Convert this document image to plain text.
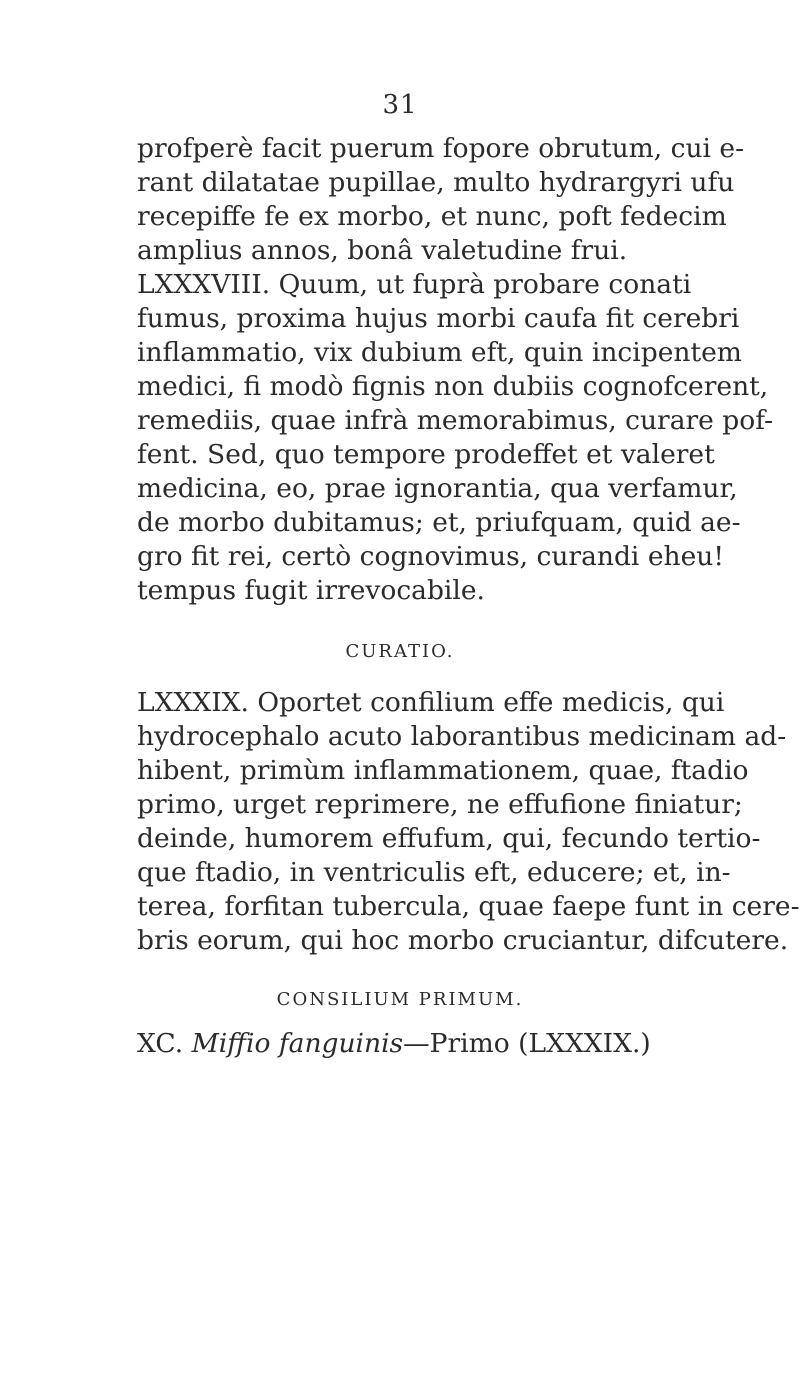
31
profperè facit puerum fopore obrutum, cui e-
rant dilatatae pupillae, multo hydrargyri ufu
recepiffe fe ex morbo, et nunc, poft fedecim
amplius annos, bonâ valetudine frui.
LXXXVIII. Quum, ut fuprà probare conati
fumus, proxima hujus morbi caufa fit cerebri
inflammatio, vix dubium eft, quin incipentem
medici, fi modò fignis non dubiis cognofcerent,
remediis, quae infrà memorabimus, curare pof-
fent. Sed, quo tempore prodeffet et valeret
medicina, eo, prae ignorantia, qua verfamur,
de morbo dubitamus; et, priufquam, quid ae-
gro fit rei, certò cognovimus, curandi eheu!
tempus fugit irrevocabile.
CURATIO.
LXXXIX. Oportet confilium effe medicis, qui
hydrocephalo acuto laborantibus medicinam ad-
hibent, primùm inflammationem, quae, ftadio
primo, urget reprimere, ne effufione finiatur;
deinde, humorem effufum, qui, fecundo tertio-
que ftadio, in ventriculis eft, educere; et, in-
terea, forfitan tubercula, quae faepe funt in cere-
bris eorum, qui hoc morbo cruciantur, difcutere.
CONSILIUM PRIMUM.
XC. Miffio fanguinis—Primo (LXXXIX.)
